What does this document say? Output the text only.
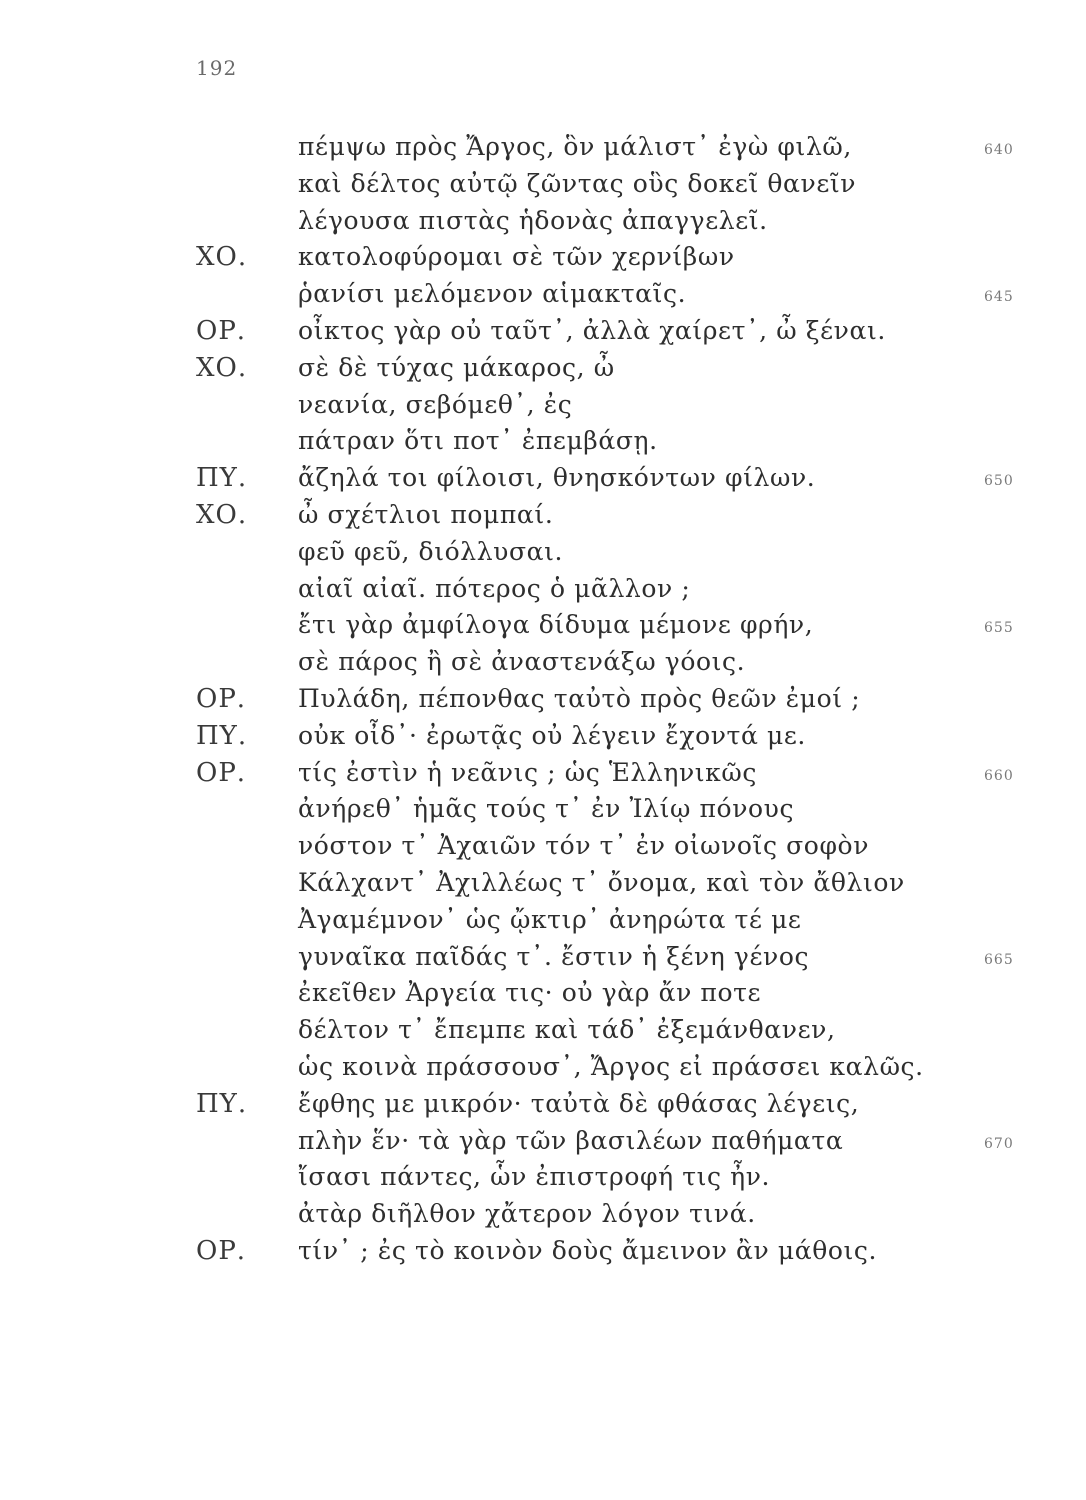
192
πέμψω πρὸς Ἄργος, ὃν μάλιστ᾽ ἐγὼ φιλῶ,	640
καὶ δέλτος αὐτῷ ζῶντας οὓς δοκεῖ θανεῖν
λέγουσα πιστὰς ἡδονὰς ἀπαγγελεῖ.
ΧΟ. κατολοφύρομαι σὲ τῶν χερνίβων
ῥανίσι μελόμενον αἱμακταῖς.	645
ΟΡ. οἶκτος γὰρ οὐ ταῦτ᾽, ἀλλὰ χαίρετ᾽, ὦ ξέναι.
ΧΟ. σὲ δὲ τύχας μάκαρος, ὦ
νεανία, σεβόμεθ᾽, ἐς
πάτραν ὅτι ποτ᾽ ἐπεμβάσῃ.
ΠΥ. ἄζηλά τοι φίλοισι, θνησκόντων φίλων.	650
ΧΟ. ὦ σχέτλιοι πομπαί.
φεῦ φεῦ, διόλλυσαι.
αἰαῖ αἰαῖ. πότερος ὁ μᾶλλον ;
ἔτι γὰρ ἀμφίλογα δίδυμα μέμονε φρήν,	655
σὲ πάρος ἢ σὲ ἀναστενάξω γόοις.
ΟΡ. Πυλάδη, πέπονθας ταὐτὸ πρὸς θεῶν ἐμοί ;
ΠΥ. οὐκ οἶδ᾽· ἐρωτᾷς οὐ λέγειν ἔχοντά με.
ΟΡ. τίς ἐστὶν ἡ νεᾶνις ; ὡς Ἑλληνικῶς	660
ἀνήρεθ᾽ ἡμᾶς τούς τ᾽ ἐν Ἰλίῳ πόνους
νόστον τ᾽ Ἀχαιῶν τόν τ᾽ ἐν οἰωνοῖς σοφὸν
Κάλχαντ᾽ Ἀχιλλέως τ᾽ ὄνομα, καὶ τὸν ἄθλιον
Ἀγαμέμνον᾽ ὡς ᾤκτιρ᾽ ἀνηρώτα τέ με
γυναῖκα παῖδάς τ᾽. ἔστιν ἡ ξένη γένος	665
ἐκεῖθεν Ἀργεία τις· οὐ γὰρ ἄν ποτε
δέλτον τ᾽ ἔπεμπε καὶ τάδ᾽ ἐξεμάνθανεν,
ὡς κοινὰ πράσσουσ᾽, Ἄργος εἰ πράσσει καλῶς.
ΠΥ. ἔφθης με μικρόν· ταὐτὰ δὲ φθάσας λέγεις,
πλὴν ἕν· τὰ γὰρ τῶν βασιλέων παθήματα	670
ἴσασι πάντες, ὧν ἐπιστροφή τις ἦν.
ἀτὰρ διῆλθον χἄτερον λόγον τινά.
ΟΡ. τίν᾽ ; ἐς τὸ κοινὸν δοὺς ἄμεινον ἂν μάθοις.
